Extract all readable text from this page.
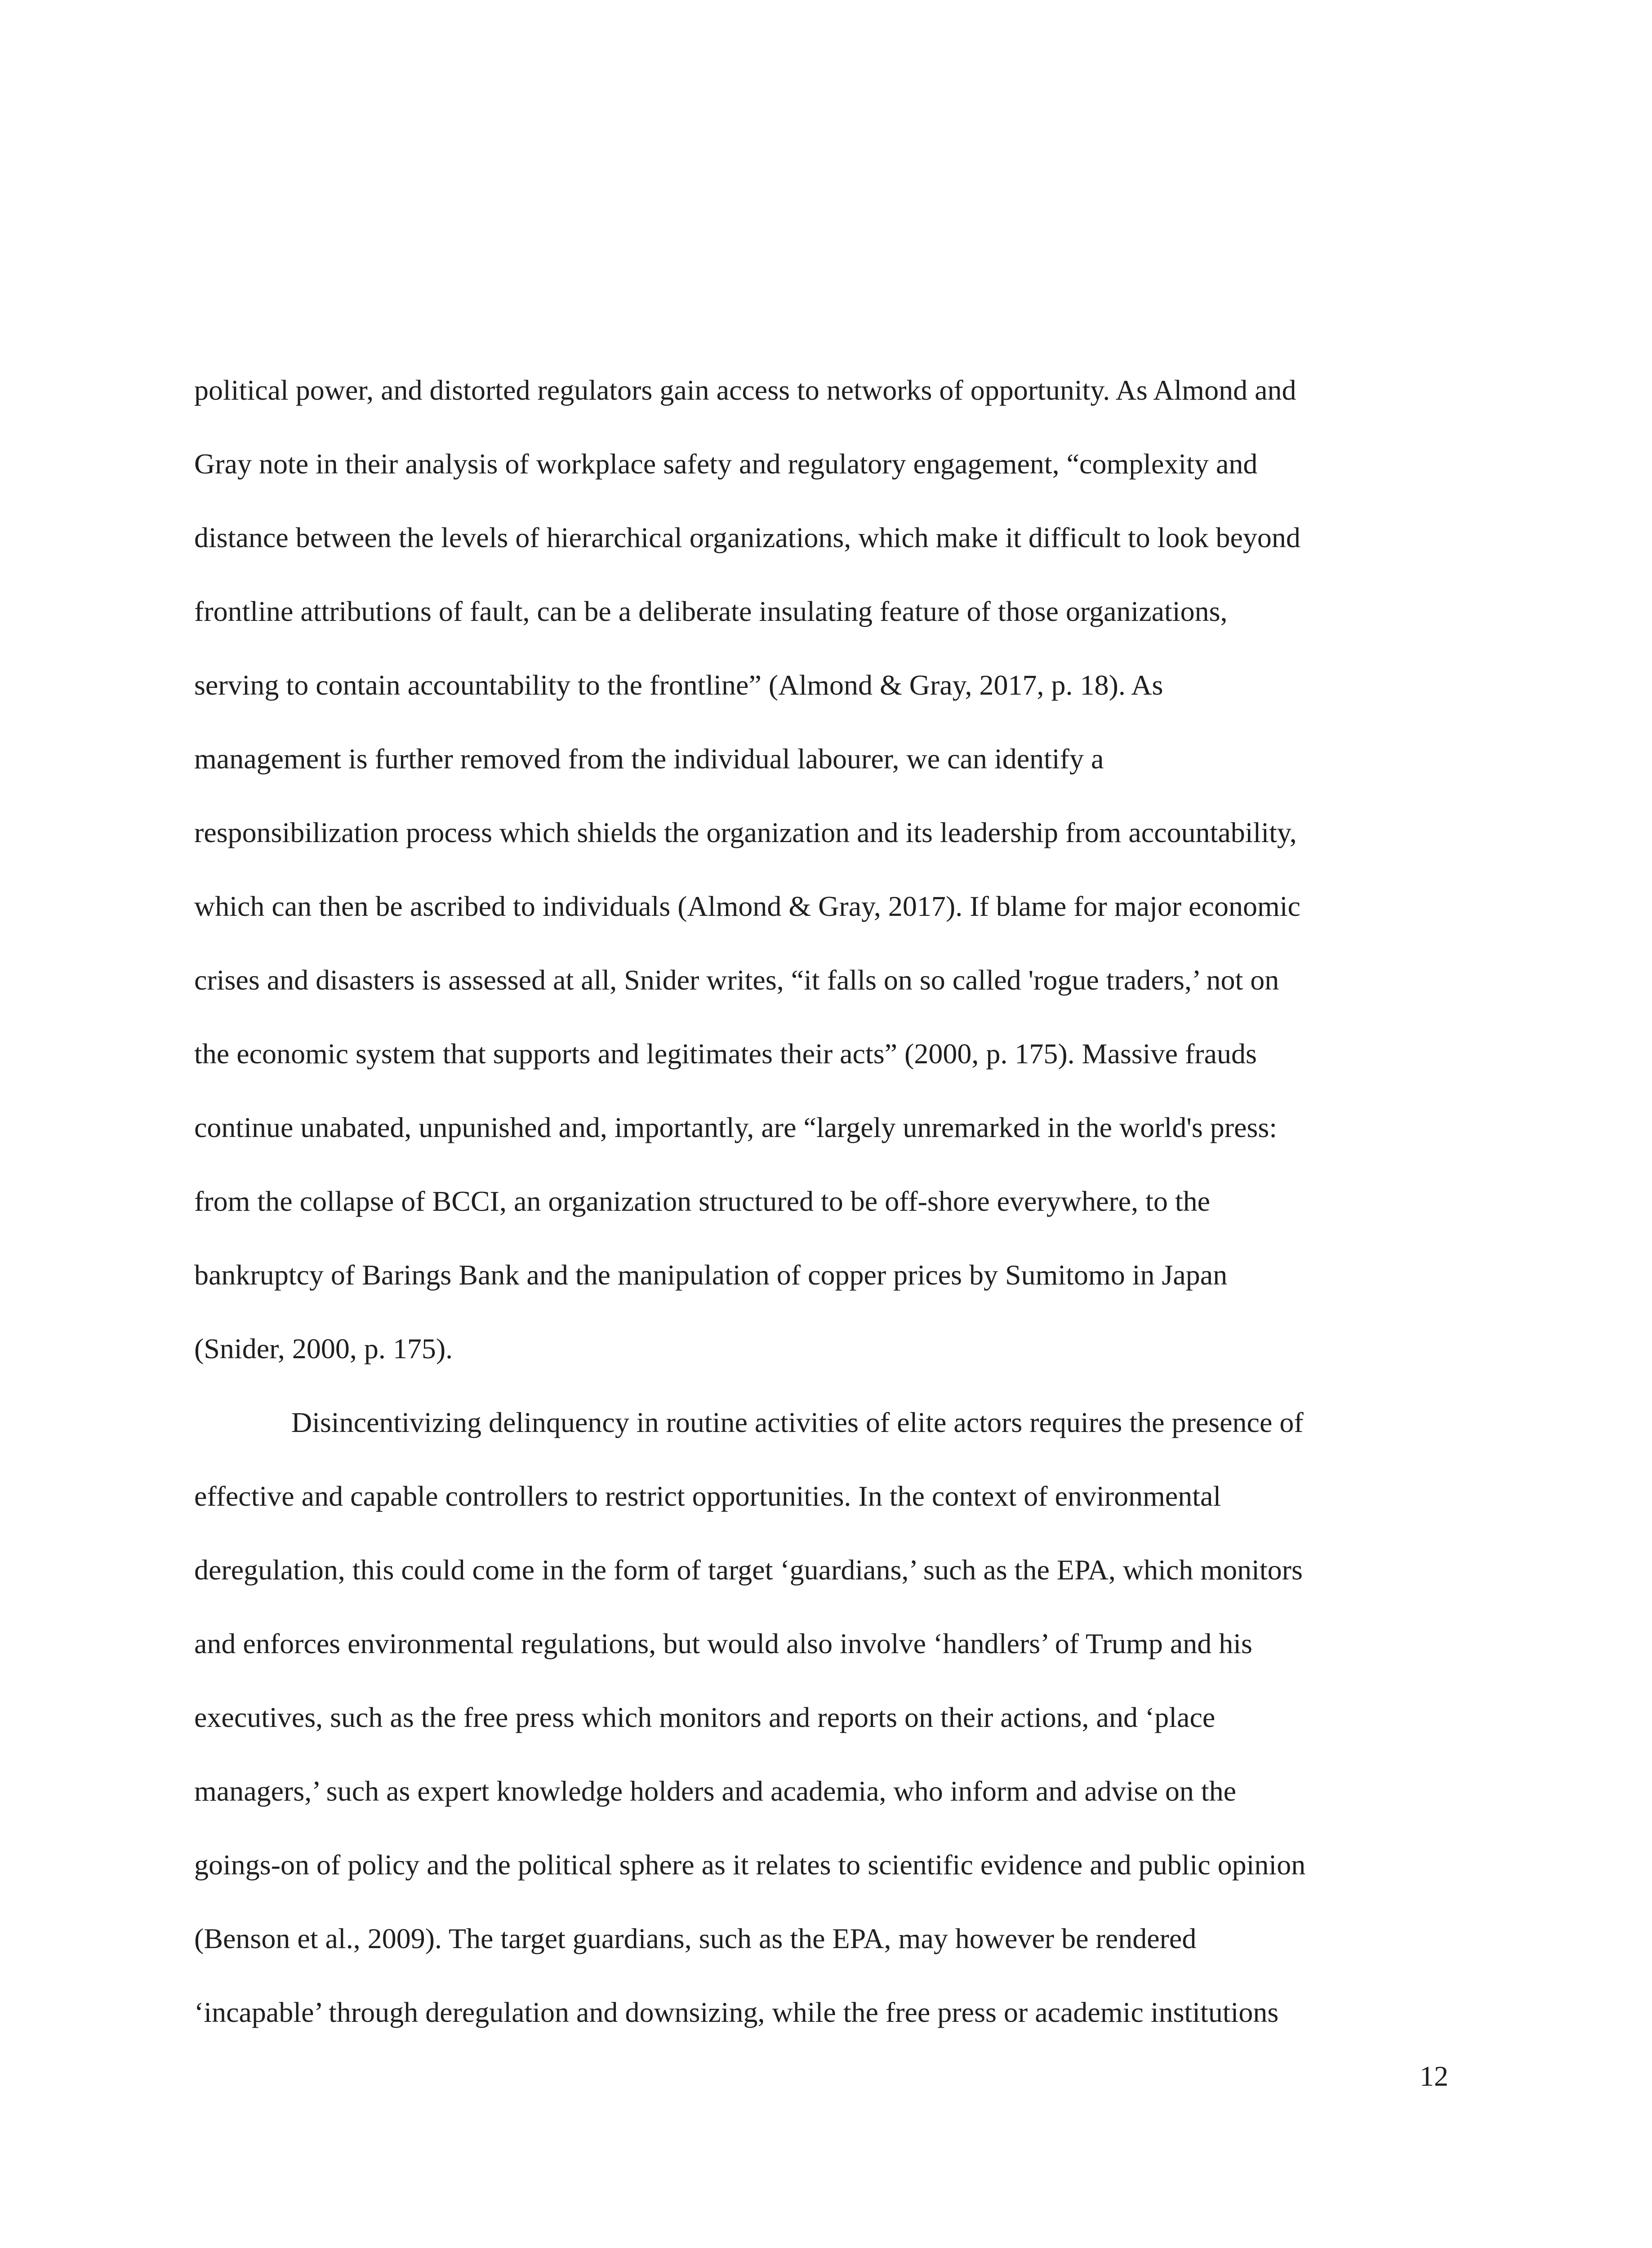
political power, and distorted regulators gain access to networks of opportunity. As Almond and
Gray note in their analysis of workplace safety and regulatory engagement, “complexity and
distance between the levels of hierarchical organizations, which make it difficult to look beyond
frontline attributions of fault, can be a deliberate insulating feature of those organizations,
serving to contain accountability to the frontline” (Almond & Gray, 2017, p. 18). As
management is further removed from the individual labourer, we can identify a
responsibilization process which shields the organization and its leadership from accountability,
which can then be ascribed to individuals (Almond & Gray, 2017). If blame for major economic
crises and disasters is assessed at all, Snider writes, “it falls on so called 'rogue traders,’ not on
the economic system that supports and legitimates their acts” (2000, p. 175). Massive frauds
continue unabated, unpunished and, importantly, are “largely unremarked in the world's press:
from the collapse of BCCI, an organization structured to be off-shore everywhere, to the
bankruptcy of Barings Bank and the manipulation of copper prices by Sumitomo in Japan
(Snider, 2000, p. 175).
Disincentivizing delinquency in routine activities of elite actors requires the presence of
effective and capable controllers to restrict opportunities. In the context of environmental
deregulation, this could come in the form of target ‘guardians,’ such as the EPA, which monitors
and enforces environmental regulations, but would also involve ‘handlers’ of Trump and his
executives, such as the free press which monitors and reports on their actions, and ‘place
managers,’ such as expert knowledge holders and academia, who inform and advise on the
goings-on of policy and the political sphere as it relates to scientific evidence and public opinion
(Benson et al., 2009). The target guardians, such as the EPA, may however be rendered
‘incapable’ through deregulation and downsizing, while the free press or academic institutions
12
